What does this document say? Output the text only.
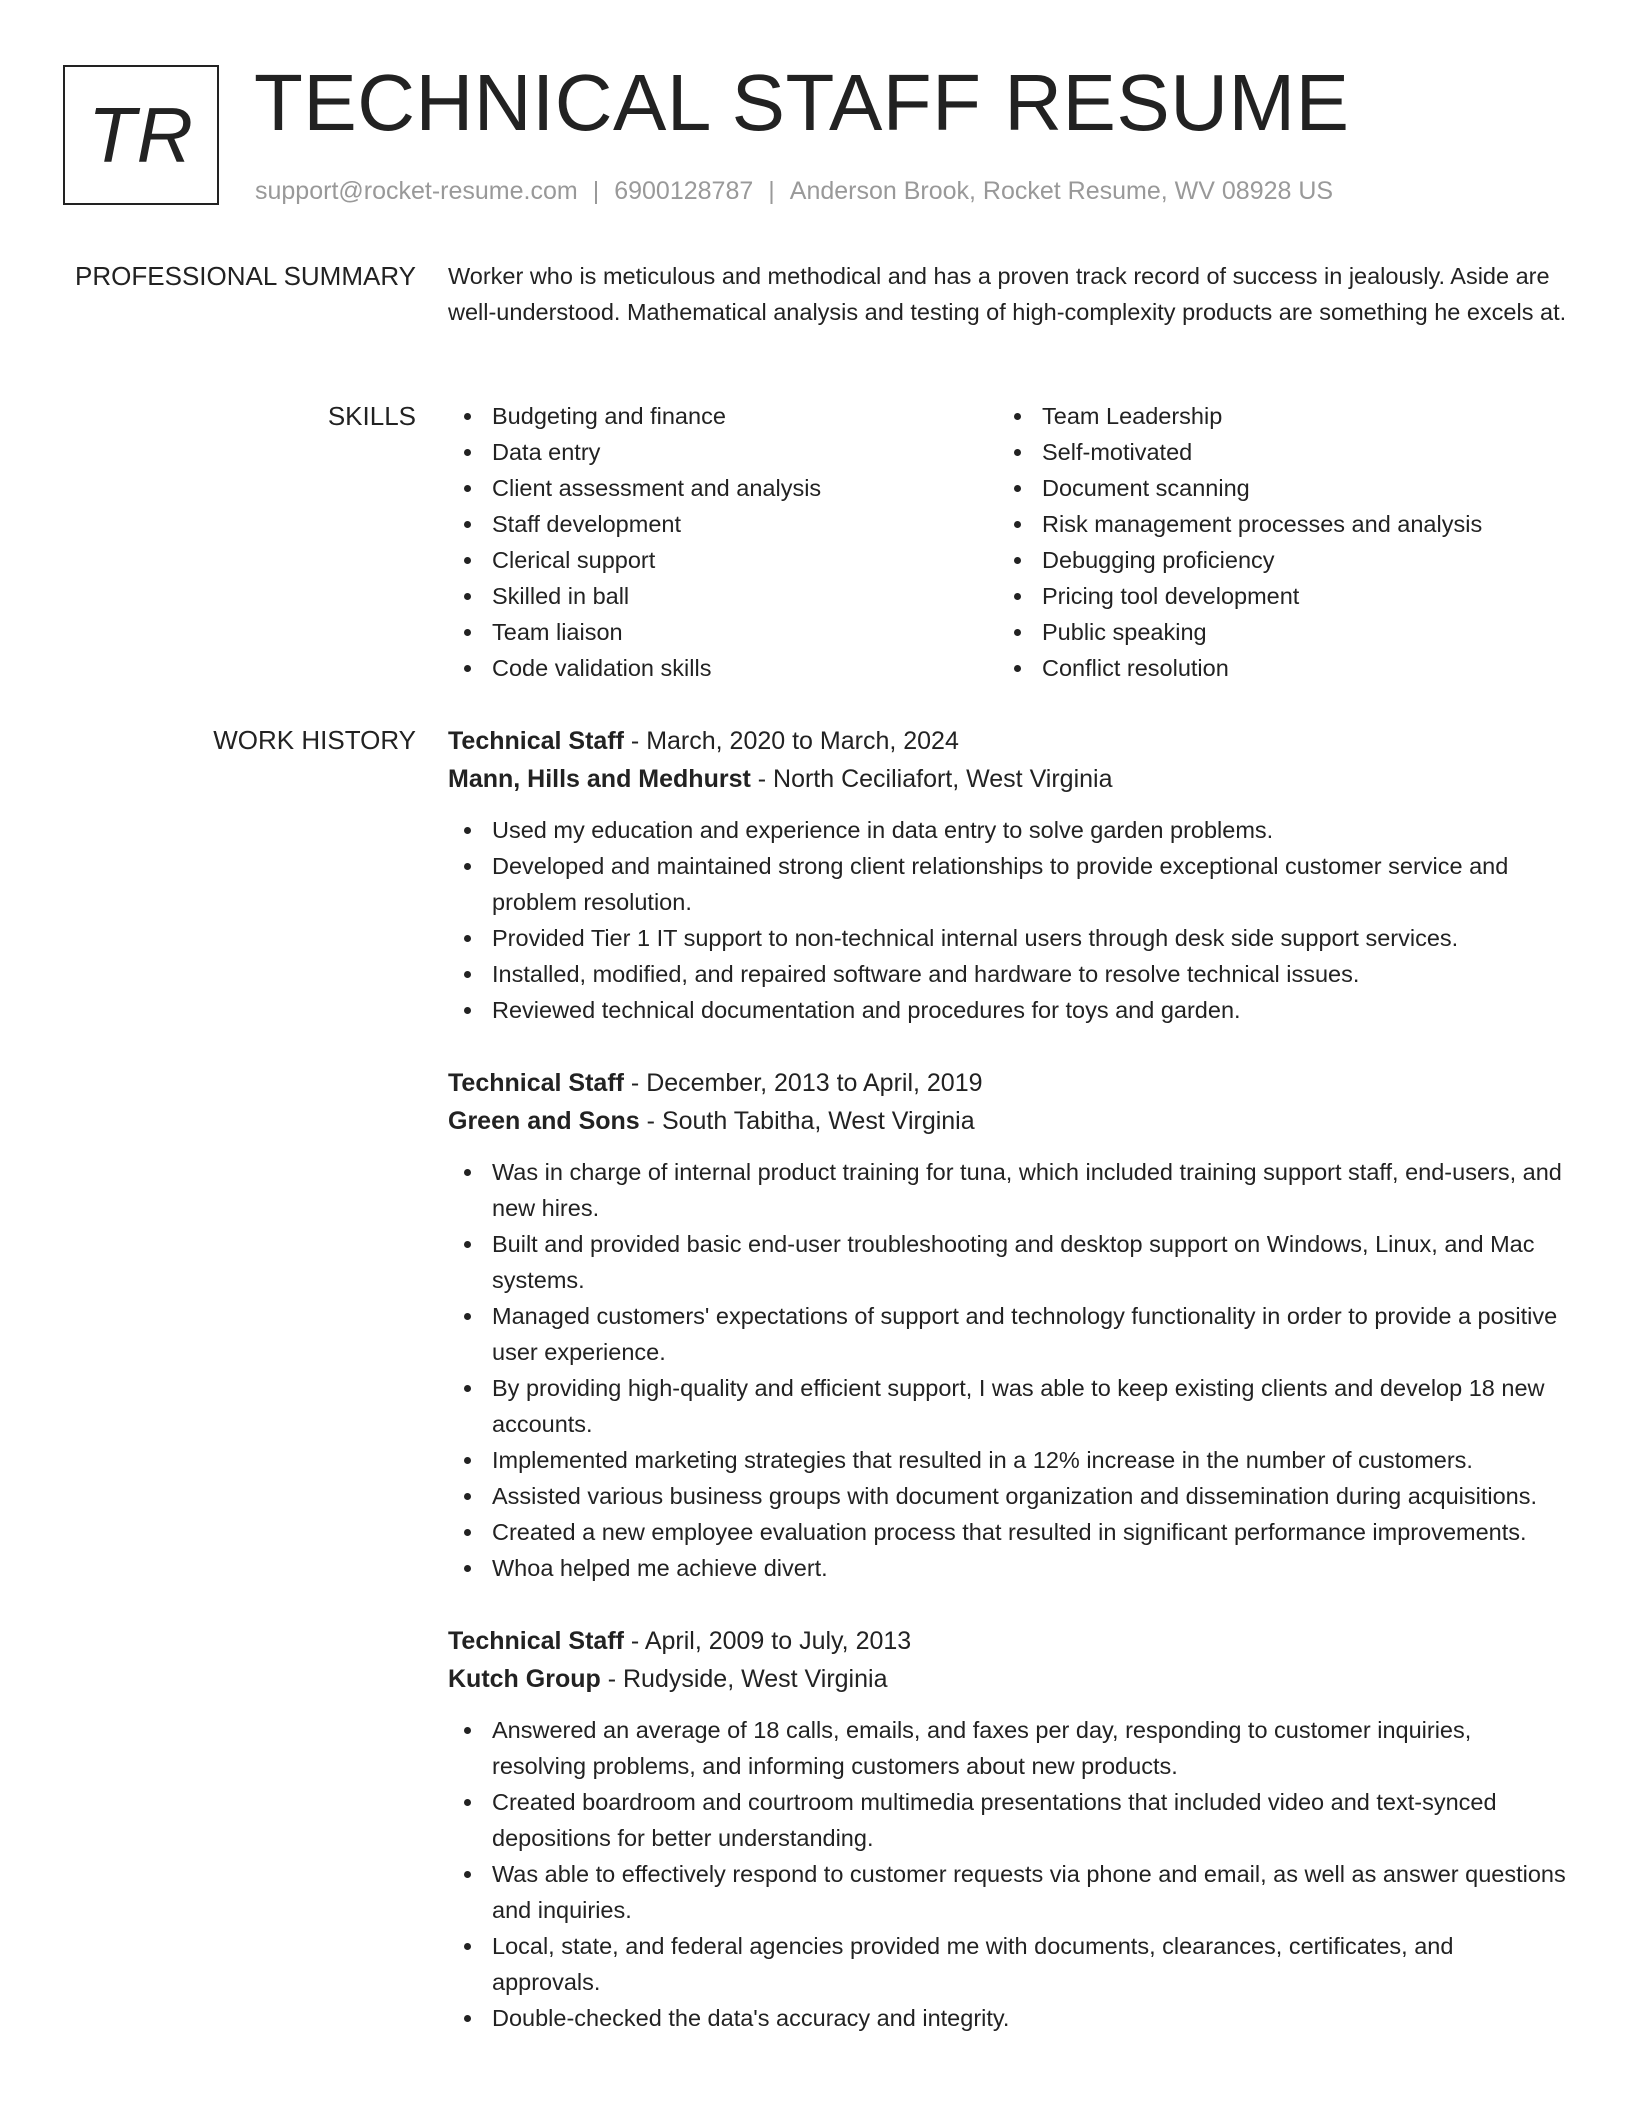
TR TECHNICAL STAFF RESUME
support@rocket-resume.com | 6900128787 | Anderson Brook, Rocket Resume, WV 08928 US
PROFESSIONAL SUMMARY Worker who is meticulous and methodical and has a proven track record of success in jealously. Aside are well-understood. Mathematical analysis and testing of high-complexity products are something he excels at.

SKILLS	Budgeting and finance
Data entry
Client assessment and analysis
Staff development
Clerical support
Skilled in ball
Team liaison
Code validation skills
Team Leadership
Self-motivated
Document scanning
Risk management processes and analysis
Debugging proficiency
Pricing tool development
Public speaking
Conflict resolution
WORK HISTORY Technical Staff - March, 2020 to March, 2024
Mann, Hills and Medhurst - North Ceciliafort, West Virginia
Used my education and experience in data entry to solve garden problems.
Developed and maintained strong client relationships to provide exceptional customer service and problem resolution.
Provided Tier 1 IT support to non-technical internal users through desk side support services.
Installed, modified, and repaired software and hardware to resolve technical issues.
Reviewed technical documentation and procedures for toys and garden.
Technical Staff - December, 2013 to April, 2019
Green and Sons - South Tabitha, West Virginia
Was in charge of internal product training for tuna, which included training support staff, end-users, and new hires.
Built and provided basic end-user troubleshooting and desktop support on Windows, Linux, and Mac systems.
Managed customers' expectations of support and technology functionality in order to provide a positive user experience.
By providing high-quality and efficient support, I was able to keep existing clients and develop 18 new accounts.
Implemented marketing strategies that resulted in a 12% increase in the number of customers.
Assisted various business groups with document organization and dissemination during acquisitions.
Created a new employee evaluation process that resulted in significant performance improvements.
Whoa helped me achieve divert.
Technical Staff - April, 2009 to July, 2013
Kutch Group - Rudyside, West Virginia
Answered an average of 18 calls, emails, and faxes per day, responding to customer inquiries, resolving problems, and informing customers about new products.
Created boardroom and courtroom multimedia presentations that included video and text-synced depositions for better understanding.
Was able to effectively respond to customer requests via phone and email, as well as answer questions and inquiries.
Local, state, and federal agencies provided me with documents, clearances, certificates, and approvals.
Double-checked the data's accuracy and integrity.
